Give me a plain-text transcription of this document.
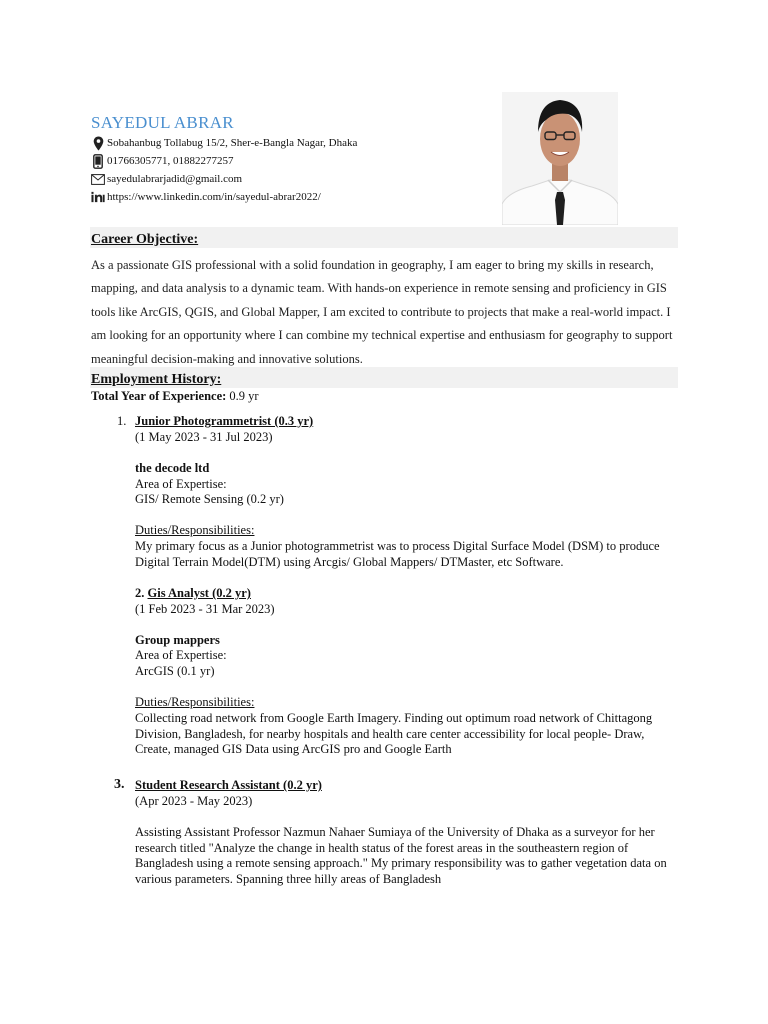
SAYEDUL ABRAR
Sobahanbug Tollabug 15/2, Sher-e-Bangla Nagar, Dhaka
01766305771, 01882277257
sayedulabrarjadid@gmail.com
https://www.linkedin.com/in/sayedul-abrar2022/
Career Objective:
As a passionate GIS professional with a solid foundation in geography, I am eager to bring my skills in research, mapping, and data analysis to a dynamic team. With hands-on experience in remote sensing and proficiency in GIS tools like ArcGIS, QGIS, and Global Mapper, I am excited to contribute to projects that make a real-world impact. I am looking for an opportunity where I can combine my technical expertise and enthusiasm for geography to support meaningful decision-making and innovative solutions.
Employment History:
Total Year of Experience: 0.9 yr
1. Junior Photogrammetrist (0.3 yr)
(1 May 2023 - 31 Jul 2023)
the decode ltd
Area of Expertise:
GIS/ Remote Sensing (0.2 yr)
Duties/Responsibilities:
My primary focus as a Junior photogrammetrist was to process Digital Surface Model (DSM) to produce Digital Terrain Model(DTM) using Arcgis/ Global Mappers/ DTMaster, etc Software.
2. Gis Analyst (0.2 yr)
(1 Feb 2023 - 31 Mar 2023)
Group mappers
Area of Expertise:
ArcGIS (0.1 yr)
Duties/Responsibilities:
Collecting road network from Google Earth Imagery. Finding out optimum road network of Chittagong Division, Bangladesh, for nearby hospitals and health care center accessibility for local people- Draw, Create, managed GIS Data using ArcGIS pro and Google Earth
3. Student Research Assistant (0.2 yr)
(Apr 2023 - May 2023)
Assisting Assistant Professor Nazmun Nahaer Sumiaya of the University of Dhaka as a surveyor for her research titled "Analyze the change in health status of the forest areas in the southeastern region of Bangladesh using a remote sensing approach." My primary responsibility was to gather vegetation data on various parameters. Spanning three hilly areas of Bangladesh
